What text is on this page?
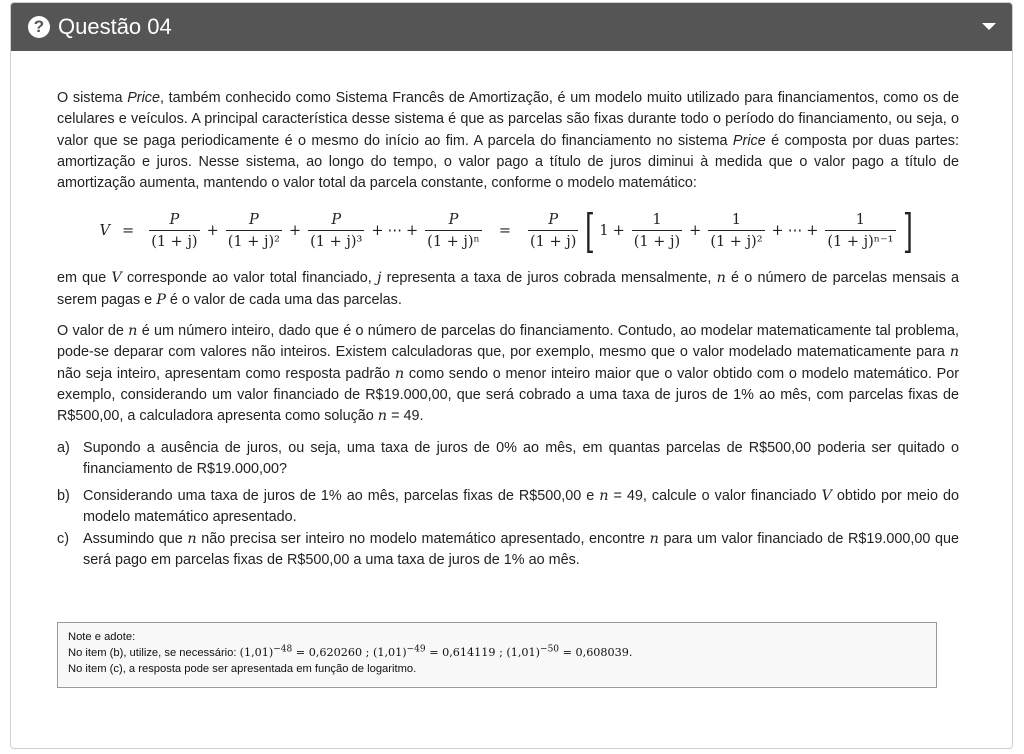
? Questão 04

O sistema Price, também conhecido como Sistema Francês de Amortização, é um modelo muito utilizado para financiamentos, como os de celulares e veículos. A principal característica desse sistema é que as parcelas são fixas durante todo o período do financiamento, ou seja, o valor que se paga periodicamente é o mesmo do início ao fim. A parcela do financiamento no sistema Price é composta por duas partes: amortização e juros. Nesse sistema, ao longo do tempo, o valor pago a título de juros diminui à medida que o valor pago a título de amortização aumenta, mantendo o valor total da parcela constante, conforme o modelo matemático:

$V = \frac{P}{(1 + j)} + \frac{P}{\text{(1 + j)²}} + \frac{P}{\text{(1 + j)³}}$ + ⋯ + $\frac{P}{\text{(1 + j)ⁿ}} = \frac{P}{(1 + j)}$ [ $1 + \frac{1}{(1 + j)} + \frac{1}{\text{(1 + j)²}}$ + ⋯ + $\frac{1}{\text{(1 + j)ⁿ⁻¹}}$ ]

em que V corresponde ao valor total financiado, j representa a taxa de juros cobrada mensalmente, n é o número de parcelas mensais a serem pagas e P é o valor de cada uma das parcelas.

O valor de n é um número inteiro, dado que é o número de parcelas do financiamento. Contudo, ao modelar matematicamente tal problema, pode-se deparar com valores não inteiros. Existem calculadoras que, por exemplo, mesmo que o valor modelado matematicamente para n não seja inteiro, apresentam como resposta padrão n como sendo o menor inteiro maior que o valor obtido com o modelo matemático. Por exemplo, considerando um valor financiado de R$19.000,00, que será cobrado a uma taxa de juros de 1% ao mês, com parcelas fixas de R$500,00, a calculadora apresenta como solução n = 49.

a) Supondo a ausência de juros, ou seja, uma taxa de juros de 0% ao mês, em quantas parcelas de R$500,00 poderia ser quitado o financiamento de R$19.000,00?
b) Considerando uma taxa de juros de 1% ao mês, parcelas fixas de R$500,00 e n = 49, calcule o valor financiado V obtido por meio do modelo matemático apresentado.
c) Assumindo que n não precisa ser inteiro no modelo matemático apresentado, encontre n para um valor financiado de R$19.000,00 que será pago em parcelas fixas de R$500,00 a uma taxa de juros de 1% ao mês.
Note e adote:
No item (b), utilize, se necessário: $(1,01)^{-48} = 0,620260$ ; $(1,01)^{-49} = 0,614119$ ; $(1,01)^{-50} = 0,608039$.
No item (c), a resposta pode ser apresentada em função de logaritmo.
